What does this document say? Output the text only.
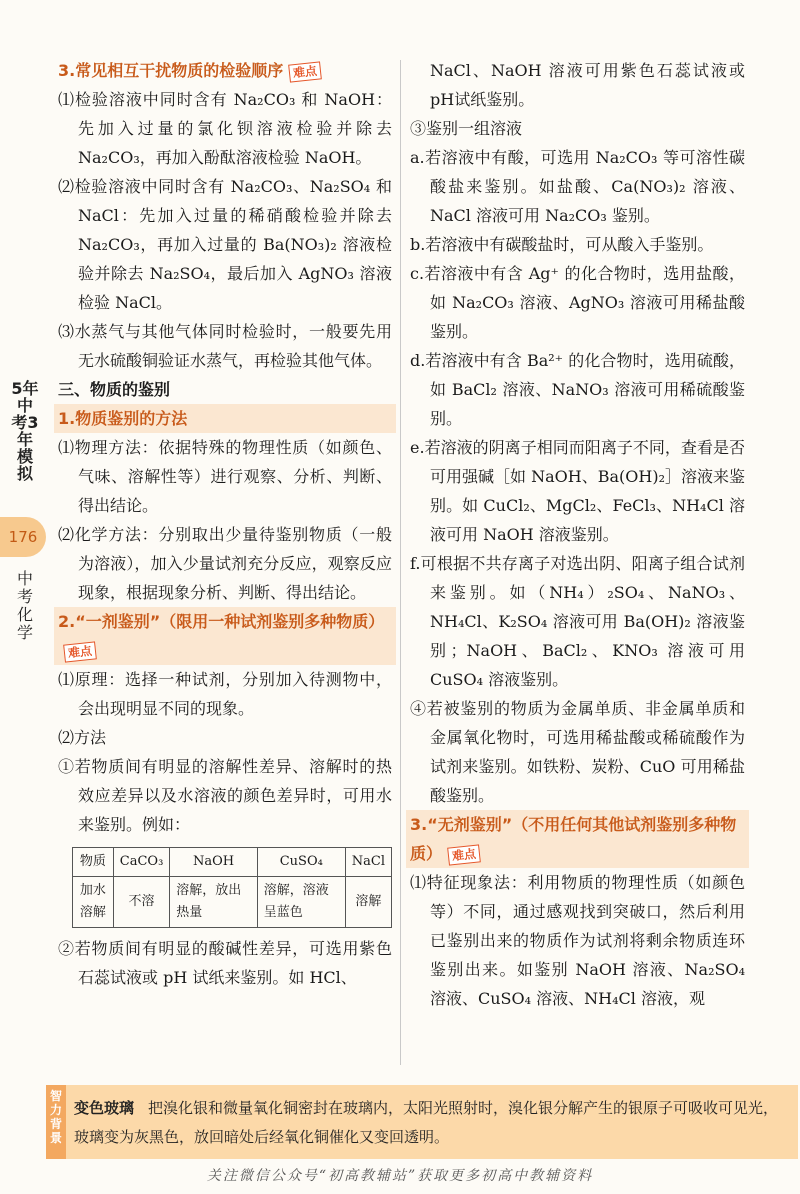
5年中考3年模拟
176
中考化学

3.常见相互干扰物质的检验顺序 难点

⑴检验溶液中同时含有 Na₂CO₃ 和 NaOH：先加入过量的氯化钡溶液检验并除去Na₂CO₃，再加入酚酞溶液检验 NaOH。

⑵检验溶液中同时含有 Na₂CO₃、Na₂SO₄ 和NaCl：先加入过量的稀硝酸检验并除去Na₂CO₃，再加入过量的 Ba(NO₃)₂ 溶液检验并除去 Na₂SO₄，最后加入 AgNO₃ 溶液检验 NaCl。

⑶水蒸气与其他气体同时检验时，一般要先用无水硫酸铜验证水蒸气，再检验其他气体。

三、物质的鉴别

1.物质鉴别的方法

⑴物理方法：依据特殊的物理性质（如颜色、气味、溶解性等）进行观察、分析、判断、得出结论。

⑵化学方法：分别取出少量待鉴别物质（一般为溶液），加入少量试剂充分反应，观察反应现象，根据现象分析、判断、得出结论。

2.“一剂鉴别”（限用一种试剂鉴别多种物质）难点

⑴原理：选择一种试剂，分别加入待测物中，会出现明显不同的现象。

⑵方法

①若物质间有明显的溶解性差异、溶解时的热效应差异以及水溶液的颜色差异时，可用水来鉴别。例如：

物质	CaCO₃	NaOH	CuSO₄	NaCl
加水溶解	不溶	溶解，放出热量	溶解，溶液呈蓝色	溶解

②若物质间有明显的酸碱性差异，可选用紫色石蕊试液或 pH 试纸来鉴别。如 HCl、

NaCl、NaOH 溶液可用紫色石蕊试液或 pH试纸鉴别。

③鉴别一组溶液

a.若溶液中有酸，可选用 Na₂CO₃ 等可溶性碳酸盐来鉴别。如盐酸、Ca(NO₃)₂ 溶液、NaCl 溶液可用 Na₂CO₃ 鉴别。

b.若溶液中有碳酸盐时，可从酸入手鉴别。

c.若溶液中有含 Ag⁺ 的化合物时，选用盐酸，如 Na₂CO₃ 溶液、AgNO₃ 溶液可用稀盐酸鉴别。

d.若溶液中有含 Ba²⁺ 的化合物时，选用硫酸，如 BaCl₂ 溶液、NaNO₃ 溶液可用稀硫酸鉴别。

e.若溶液的阴离子相同而阳离子不同，查看是否可用强碱［如 NaOH、Ba(OH)₂］溶液来鉴别。如 CuCl₂、MgCl₂、FeCl₃、NH₄Cl 溶液可用 NaOH 溶液鉴别。

f.可根据不共存离子对选出阴、阳离子组合试剂来鉴别。如（NH₄）₂SO₄、NaNO₃、NH₄Cl、K₂SO₄ 溶液可用 Ba(OH)₂ 溶液鉴别；NaOH、BaCl₂、KNO₃ 溶液可用 CuSO₄ 溶液鉴别。

④若被鉴别的物质为金属单质、非金属单质和金属氧化物时，可选用稀盐酸或稀硫酸作为试剂来鉴别。如铁粉、炭粉、CuO 可用稀盐酸鉴别。

3.“无剂鉴别”（不用任何其他试剂鉴别多种物质） 难点

⑴特征现象法：利用物质的物理性质（如颜色等）不同，通过感观找到突破口，然后利用已鉴别出来的物质作为试剂将剩余物质连环鉴别出来。如鉴别 NaOH 溶液、Na₂SO₄ 溶液、CuSO₄ 溶液、NH₄Cl 溶液，观

智力背景
变色玻璃 把溴化银和微量氧化铜密封在玻璃内，太阳光照射时，溴化银分解产生的银原子可吸收可见光，玻璃变为灰黑色，放回暗处后经氧化铜催化又变回透明。
关注微信公众号“初高教辅站”获取更多初高中教辅资料
